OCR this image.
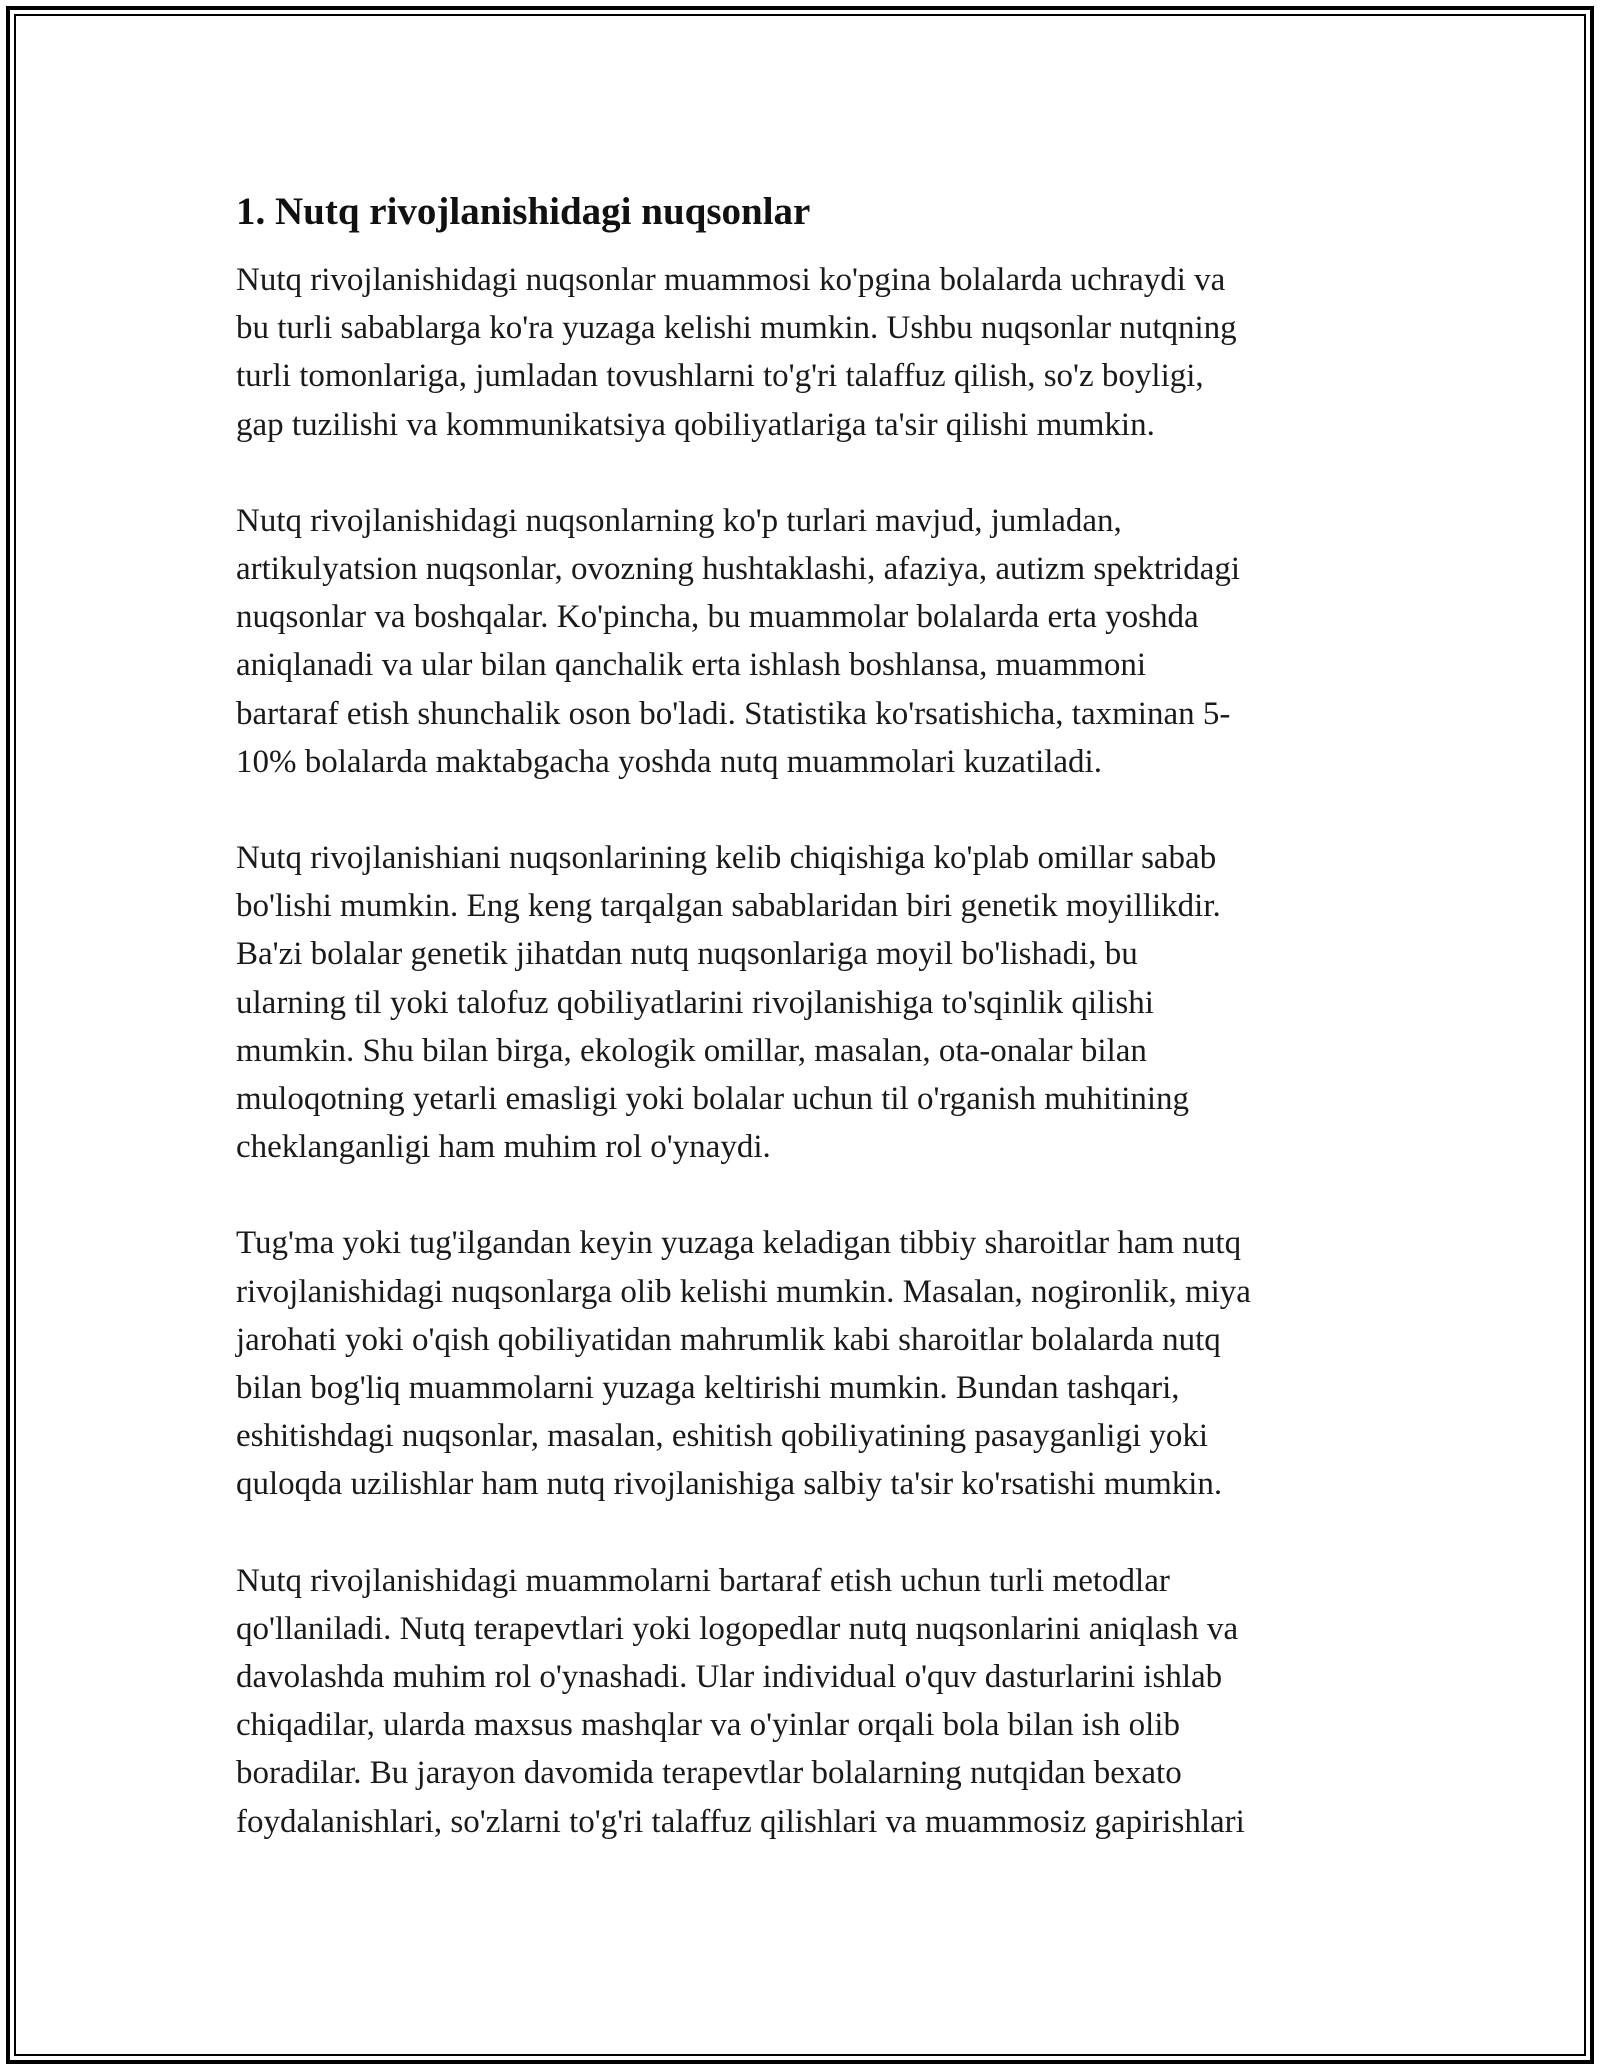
1. Nutq rivojlanishidagi nuqsonlar

Nutq rivojlanishidagi nuqsonlar muammosi ko'pgina bolalarda uchraydi va
bu turli sabablarga ko'ra yuzaga kelishi mumkin. Ushbu nuqsonlar nutqning
turli tomonlariga, jumladan tovushlarni to'g'ri talaffuz qilish, so'z boyligi,
gap tuzilishi va kommunikatsiya qobiliyatlariga ta'sir qilishi mumkin.

Nutq rivojlanishidagi nuqsonlarning ko'p turlari mavjud, jumladan,
artikulyatsion nuqsonlar, ovozning hushtaklashi, afaziya, autizm spektridagi
nuqsonlar va boshqalar. Ko'pincha, bu muammolar bolalarda erta yoshda
aniqlanadi va ular bilan qanchalik erta ishlash boshlansa, muammoni
bartaraf etish shunchalik oson bo'ladi. Statistika ko'rsatishicha, taxminan 5-
10% bolalarda maktabgacha yoshda nutq muammolari kuzatiladi.

Nutq rivojlanishiani nuqsonlarining kelib chiqishiga ko'plab omillar sabab
bo'lishi mumkin. Eng keng tarqalgan sabablaridan biri genetik moyillikdir.
Ba'zi bolalar genetik jihatdan nutq nuqsonlariga moyil bo'lishadi, bu
ularning til yoki talofuz qobiliyatlarini rivojlanishiga to'sqinlik qilishi
mumkin. Shu bilan birga, ekologik omillar, masalan, ota-onalar bilan
muloqotning yetarli emasligi yoki bolalar uchun til o'rganish muhitining
cheklanganligi ham muhim rol o'ynaydi.

Tug'ma yoki tug'ilgandan keyin yuzaga keladigan tibbiy sharoitlar ham nutq
rivojlanishidagi nuqsonlarga olib kelishi mumkin. Masalan, nogironlik, miya
jarohati yoki o'qish qobiliyatidan mahrumlik kabi sharoitlar bolalarda nutq
bilan bog'liq muammolarni yuzaga keltirishi mumkin. Bundan tashqari,
eshitishdagi nuqsonlar, masalan, eshitish qobiliyatining pasayganligi yoki
quloqda uzilishlar ham nutq rivojlanishiga salbiy ta'sir ko'rsatishi mumkin.

Nutq rivojlanishidagi muammolarni bartaraf etish uchun turli metodlar
qo'llaniladi. Nutq terapevtlari yoki logopedlar nutq nuqsonlarini aniqlash va
davolashda muhim rol o'ynashadi. Ular individual o'quv dasturlarini ishlab
chiqadilar, ularda maxsus mashqlar va o'yinlar orqali bola bilan ish olib
boradilar. Bu jarayon davomida terapevtlar bolalarning nutqidan bexato
foydalanishlari, so'zlarni to'g'ri talaffuz qilishlari va muammosiz gapirishlari
